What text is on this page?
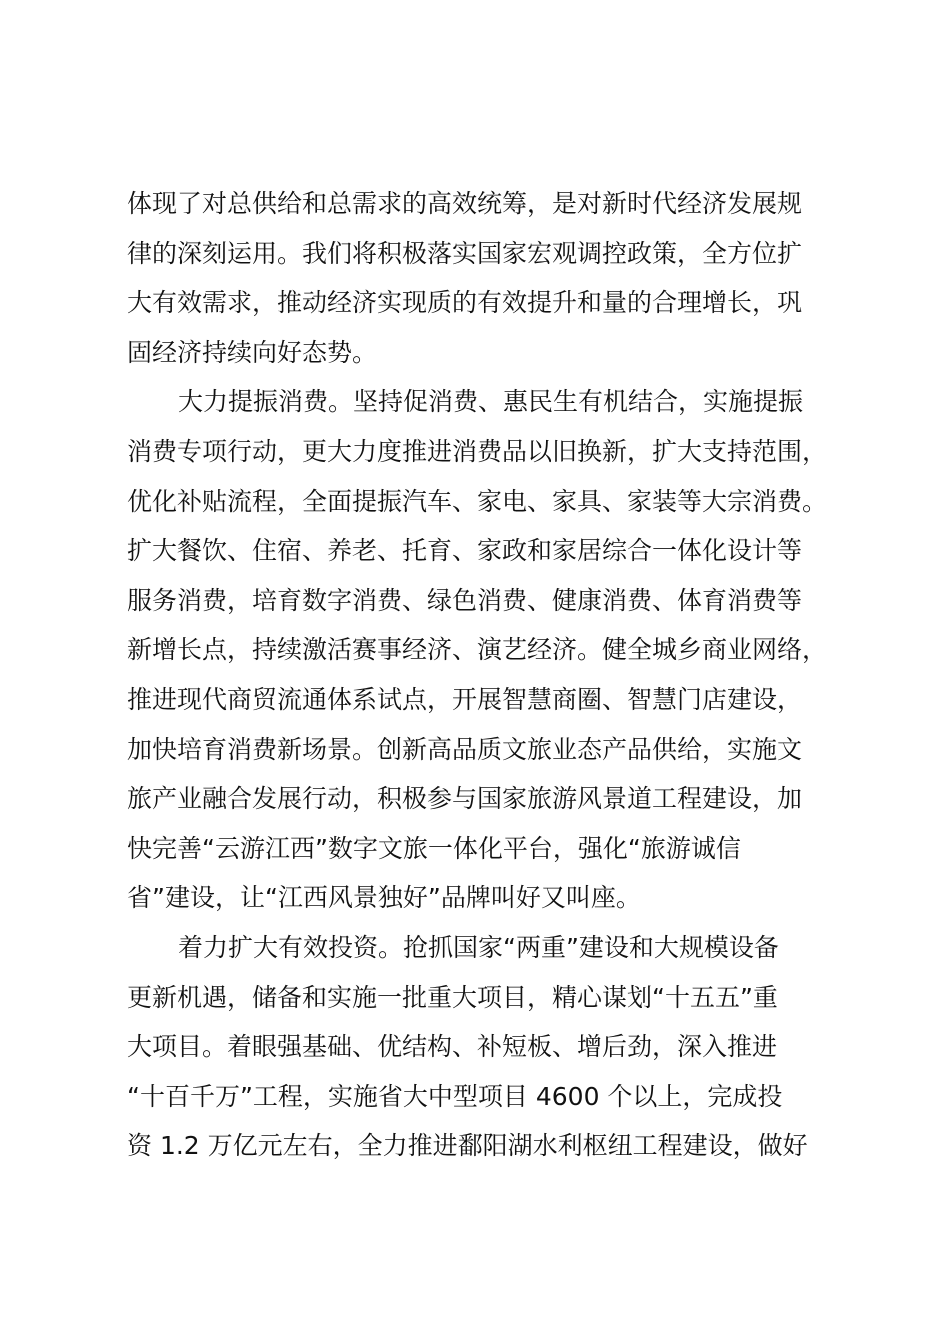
体现了对总供给和总需求的高效统筹，是对新时代经济发展规
律的深刻运用。我们将积极落实国家宏观调控政策，全方位扩
大有效需求，推动经济实现质的有效提升和量的合理增长，巩
固经济持续向好态势。
大力提振消费。坚持促消费、惠民生有机结合，实施提振
消费专项行动，更大力度推进消费品以旧换新，扩大支持范围，
优化补贴流程，全面提振汽车、家电、家具、家装等大宗消费。
扩大餐饮、住宿、养老、托育、家政和家居综合一体化设计等
服务消费，培育数字消费、绿色消费、健康消费、体育消费等
新增长点，持续激活赛事经济、演艺经济。健全城乡商业网络，
推进现代商贸流通体系试点，开展智慧商圈、智慧门店建设，
加快培育消费新场景。创新高品质文旅业态产品供给，实施文
旅产业融合发展行动，积极参与国家旅游风景道工程建设，加
快完善“云游江西”数字文旅一体化平台，强化“旅游诚信
省”建设，让“江西风景独好”品牌叫好又叫座。
着力扩大有效投资。抢抓国家“两重”建设和大规模设备
更新机遇，储备和实施一批重大项目，精心谋划“十五五”重
大项目。着眼强基础、优结构、补短板、增后劲，深入推进
“十百千万”工程，实施省大中型项目 4600 个以上，完成投
资 1.2 万亿元左右，全力推进鄱阳湖水利枢纽工程建设，做好
